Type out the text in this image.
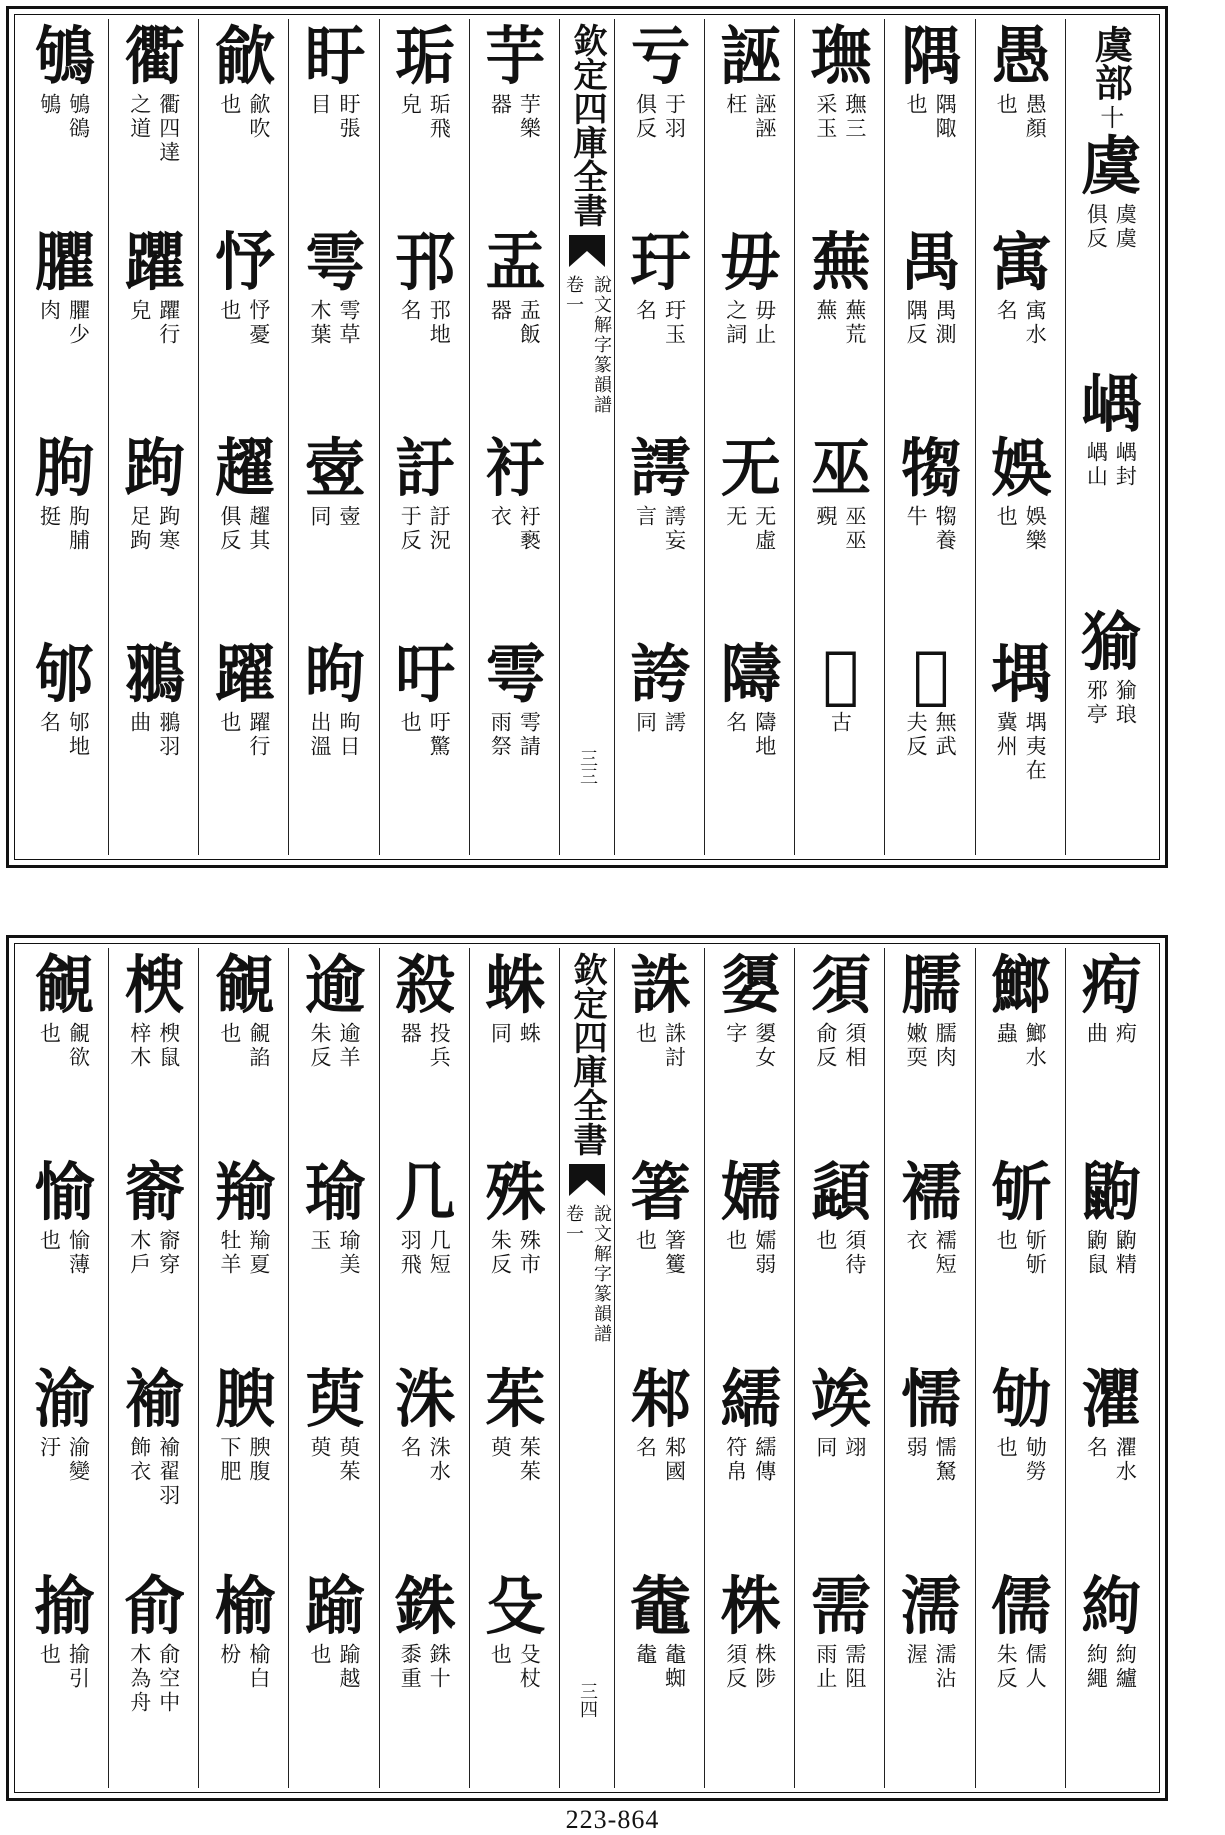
虞部
十
虞
虞虞
俱反
嵎
嵎封
嵎山
㺄
㺄琅
邪亭
愚
愚顏
也
㝢
㝢水
名
娛
娛樂
也
堣
堣夷在
冀州
隅
隅陬
也
禺
禺測
隅反
犓
犓養
牛
𨐚
無武
夫反
璑
璑三
采玉
蕪
蕪荒
蕪
巫
巫巫
覡
𢒻
古
誣
誣誣
枉
毋
毋止
之詞
无
无虛
无
隯
隯地
名
亏
于羽
俱反
玗
玗玉
名
謣
謣妄
言
誇
謣
同
欽定四庫全書
說文解字篆韻譜
卷一
三三
芋
芋樂
器
盂
盂飯
器
衧
衧褻
衣
雩
雩請
雨祭
㻈
㻈飛
皃
邘
邘地
名
訏
訏況
于反
吁
吁驚
也
盱
盱張
目
雩
雩草
木葉
㚃
㚃
同
昫
昫日
出溫
歈
歈吹
也
忬
忬憂
也
趯
趯其
俱反
躍
躍行
也
衢
衢四達
之道
躣
躣行
皃
跔
跔寒
足跔
翵
翵羽
曲
鴝
鴝鵒
鴝
臞
臞少
肉
朐
朐脯
挺
邭
邭地
名
痀
痀
曲
鼩
鼩精
鼩鼠
灈
灈水
名
絇
絇纑
絇繩
䱶
䱶水
蟲
斪
斪斪
也
劬
劬勞
也
儒
儒人
朱反
臑
臑肉
嫩耎
襦
襦短
衣
懦
懦駑
弱
濡
濡沾
渥
須
須相
俞反
頿
須待
也
竢
翊
同
需
需阻
雨止
嬃
嬃女
字
嬬
嬬弱
也
繻
繻傳
符帛
株
株陟
須反
誅
誅討
也
箸
箸籆
也
邾
邾國
名
鼄
鼄蜘
鼄
欽定四庫全書
說文解字篆韻譜
卷一
三四
蛛
蛛
同
殊
殊市
朱反
茱
茱茱
萸
殳
殳杖
也
殺
投兵
器
几
几短
羽飛
洙
洙水
名
銖
銖十
黍重
逾
逾羊
朱反
瑜
瑜美
玉
萸
萸茱
萸
踰
踰越
也
覦
覦諂
也
羭
羭夏
牡羊
腴
腴腹
下肥
榆
榆白
枌
楰
楰鼠
梓木
窬
窬穿
木戶
褕
褕翟羽
飾衣
俞
俞空中
木為舟
覦
覦欲
也
愉
愉薄
也
渝
渝變
汙
揄
揄引
也
223-864
